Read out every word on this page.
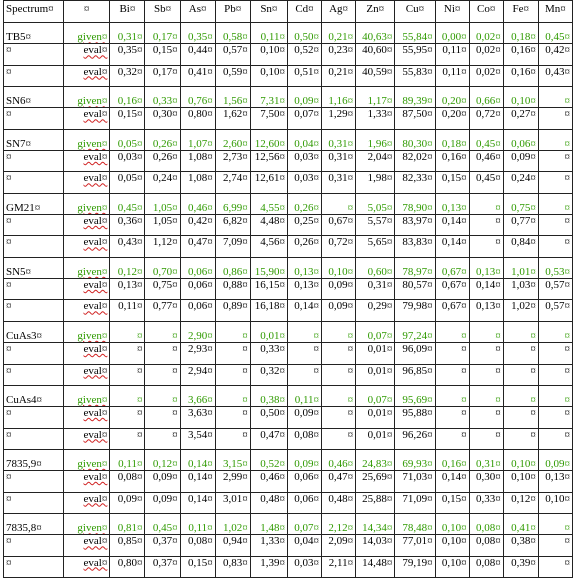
Spectrum¤	¤	Bi¤	Sb¤	As¤	Pb¤	Sn¤	Cd¤	Ag¤	Zn¤	Cu¤	Ni¤	Co¤	Fe¤	Mn¤
TB5¤	given¤	0,31¤	0,17¤	0,35¤	0,58¤	0,11¤	0,50¤	0,21¤	40,63¤	55,84¤	0,00¤	0,02¤	0,18¤	0,45¤
¤	eval¤	0,35¤	0,15¤	0,44¤	0,57¤	0,10¤	0,52¤	0,23¤	40,60¤	55,95¤	0,11¤	0,02¤	0,16¤	0,42¤
¤	eval¤	0,32¤	0,17¤	0,41¤	0,59¤	0,10¤	0,51¤	0,21¤	40,59¤	55,83¤	0,11¤	0,02¤	0,16¤	0,43¤
SN6¤	given¤	0,16¤	0,33¤	0,76¤	1,56¤	7,31¤	0,09¤	1,16¤	1,17¤	89,39¤	0,20¤	0,66¤	0,10¤	¤
¤	eval¤	0,15¤	0,30¤	0,80¤	1,62¤	7,50¤	0,07¤	1,29¤	1,33¤	87,50¤	0,20¤	0,72¤	0,27¤	¤
SN7¤	given¤	0,05¤	0,26¤	1,07¤	2,60¤	12,60¤	0,04¤	0,31¤	1,96¤	80,30¤	0,18¤	0,45¤	0,06¤	¤
¤	eval¤	0,03¤	0,26¤	1,08¤	2,73¤	12,56¤	0,03¤	0,31¤	2,04¤	82,02¤	0,16¤	0,46¤	0,09¤	¤
¤	eval¤	0,05¤	0,24¤	1,08¤	2,74¤	12,61¤	0,03¤	0,31¤	1,98¤	82,33¤	0,15¤	0,45¤	0,24¤	¤
GM21¤	given¤	0,45¤	1,05¤	0,46¤	6,99¤	4,55¤	0,26¤	¤	5,05¤	78,90¤	0,13¤	¤	0,75¤	¤
¤	eval¤	0,36¤	1,05¤	0,42¤	6,82¤	4,48¤	0,25¤	0,67¤	5,57¤	83,97¤	0,14¤	¤	0,77¤	¤
¤	eval¤	0,43¤	1,12¤	0,47¤	7,09¤	4,56¤	0,26¤	0,72¤	5,65¤	83,83¤	0,14¤	¤	0,84¤	¤
SN5¤	given¤	0,12¤	0,70¤	0,06¤	0,86¤	15,90¤	0,13¤	0,10¤	0,60¤	78,97¤	0,67¤	0,13¤	1,01¤	0,53¤
¤	eval¤	0,13¤	0,75¤	0,06¤	0,88¤	16,15¤	0,13¤	0,09¤	0,31¤	80,57¤	0,67¤	0,14¤	1,03¤	0,57¤
¤	eval¤	0,11¤	0,77¤	0,06¤	0,89¤	16,18¤	0,14¤	0,09¤	0,29¤	79,98¤	0,67¤	0,13¤	1,02¤	0,57¤
CuAs3¤	given¤	¤	¤	2,90¤	¤	0,01¤	¤	¤	0,07¤	97,24¤	¤	¤	¤	¤
¤	eval¤	¤	¤	2,93¤	¤	0,33¤	¤	¤	0,01¤	96,09¤	¤	¤	¤	¤
¤	eval¤	¤	¤	2,94¤	¤	0,32¤	¤	¤	0,01¤	96,85¤	¤	¤	¤	¤
CuAs4¤	given¤	¤	¤	3,66¤	¤	0,38¤	0,11¤	¤	0,07¤	95,69¤	¤	¤	¤	¤
¤	eval¤	¤	¤	3,63¤	¤	0,50¤	0,09¤	¤	0,01¤	95,88¤	¤	¤	¤	¤
¤	eval¤	¤	¤	3,54¤	¤	0,47¤	0,08¤	¤	0,01¤	96,26¤	¤	¤	¤	¤
7835,9¤	given¤	0,11¤	0,12¤	0,14¤	3,15¤	0,52¤	0,09¤	0,46¤	24,83¤	69,93¤	0,16¤	0,31¤	0,10¤	0,09¤
¤	eval¤	0,08¤	0,09¤	0,14¤	2,99¤	0,46¤	0,06¤	0,47¤	25,69¤	71,03¤	0,14¤	0,30¤	0,10¤	0,13¤
¤	eval¤	0,09¤	0,09¤	0,14¤	3,01¤	0,48¤	0,06¤	0,48¤	25,88¤	71,09¤	0,15¤	0,33¤	0,12¤	0,10¤
7835,8¤	given¤	0,81¤	0,45¤	0,11¤	1,02¤	1,48¤	0,07¤	2,12¤	14,34¤	78,48¤	0,10¤	0,08¤	0,41¤	¤
¤	eval¤	0,85¤	0,37¤	0,08¤	0,94¤	1,33¤	0,04¤	2,09¤	14,03¤	77,01¤	0,10¤	0,08¤	0,38¤	¤
¤	eval¤	0,80¤	0,37¤	0,15¤	0,83¤	1,39¤	0,03¤	2,11¤	14,48¤	79,19¤	0,10¤	0,08¤	0,39¤	¤
